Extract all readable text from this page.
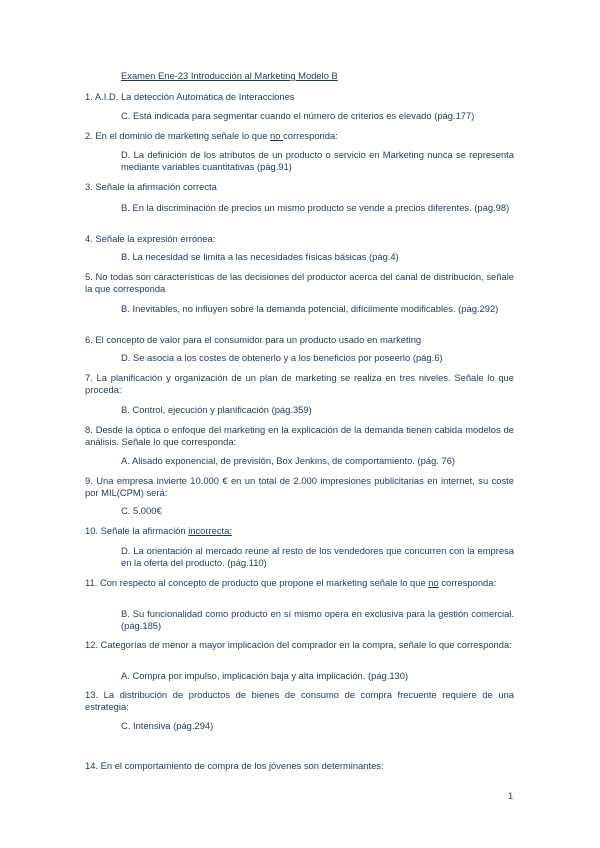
Examen Ene-23 Introducción al Marketing Modelo B
1. A.I.D. La detección Automática de Interacciones
C. Está indicada para segmentar cuando el número de criterios es elevado (pág.177)
2. En el dominio de marketing señale lo que no corresponda:
D. La definición de los atributos de un producto o servicio en Marketing nunca se representa mediante variables cuantitativas (pág.91)
3. Señale la afirmación correcta
B. En la discriminación de precios un mismo producto se vende a precios diferentes. (pág.98)
4. Señale la expresión errónea:
B. La necesidad se limita a las necesidades físicas básicas (pág.4)
5. No todas son características de las decisiones del productor acerca del canal de distribución, señale la que corresponda
B. Inevitables, no influyen sobre la demanda potencial, difícilmente modificables. (pág.292)
6. El concepto de valor para el consumidor para un producto usado en marketing
D. Se asocia a los costes de obtenerlo y a los beneficios por poseerlo (pág.6)
7. La planificación y organización de un plan de marketing se realiza en tres niveles. Señale lo que proceda:
B. Control, ejecución y planificación (pág.359)
8. Desde la óptica o enfoque del marketing en la explicación de la demanda tienen cabida modelos de análisis. Señale lo que corresponda:
A. Alisado exponencial, de previsión, Box Jenkins, de comportamiento. (pág. 76)
9. Una empresa invierte 10.000 € en un total de 2.000 impresiones publicitarias en internet, su coste por MIL(CPM) será:
C. 5.000€
10. Señale la afirmación incorrecta:
D. La orientación al mercado reúne al resto de los vendedores que concurren con la empresa en la oferta del producto. (pág.110)
11. Con respecto al concepto de producto que propone el marketing señale lo que no corresponda:
B. Su funcionalidad como producto en sí mismo opera en exclusiva para la gestión comercial. (pág.185)
12. Categorías de menor a mayor implicación del comprador en la compra, señale lo que corresponda:
A. Compra por impulso, implicación baja y alta implicación. (pág.130)
13. La distribución de productos de bienes de consumo de compra frecuente requiere de una estrategia:
C. Intensiva (pág.294)
14. En el comportamiento de compra de los jóvenes son determinantes:
1
